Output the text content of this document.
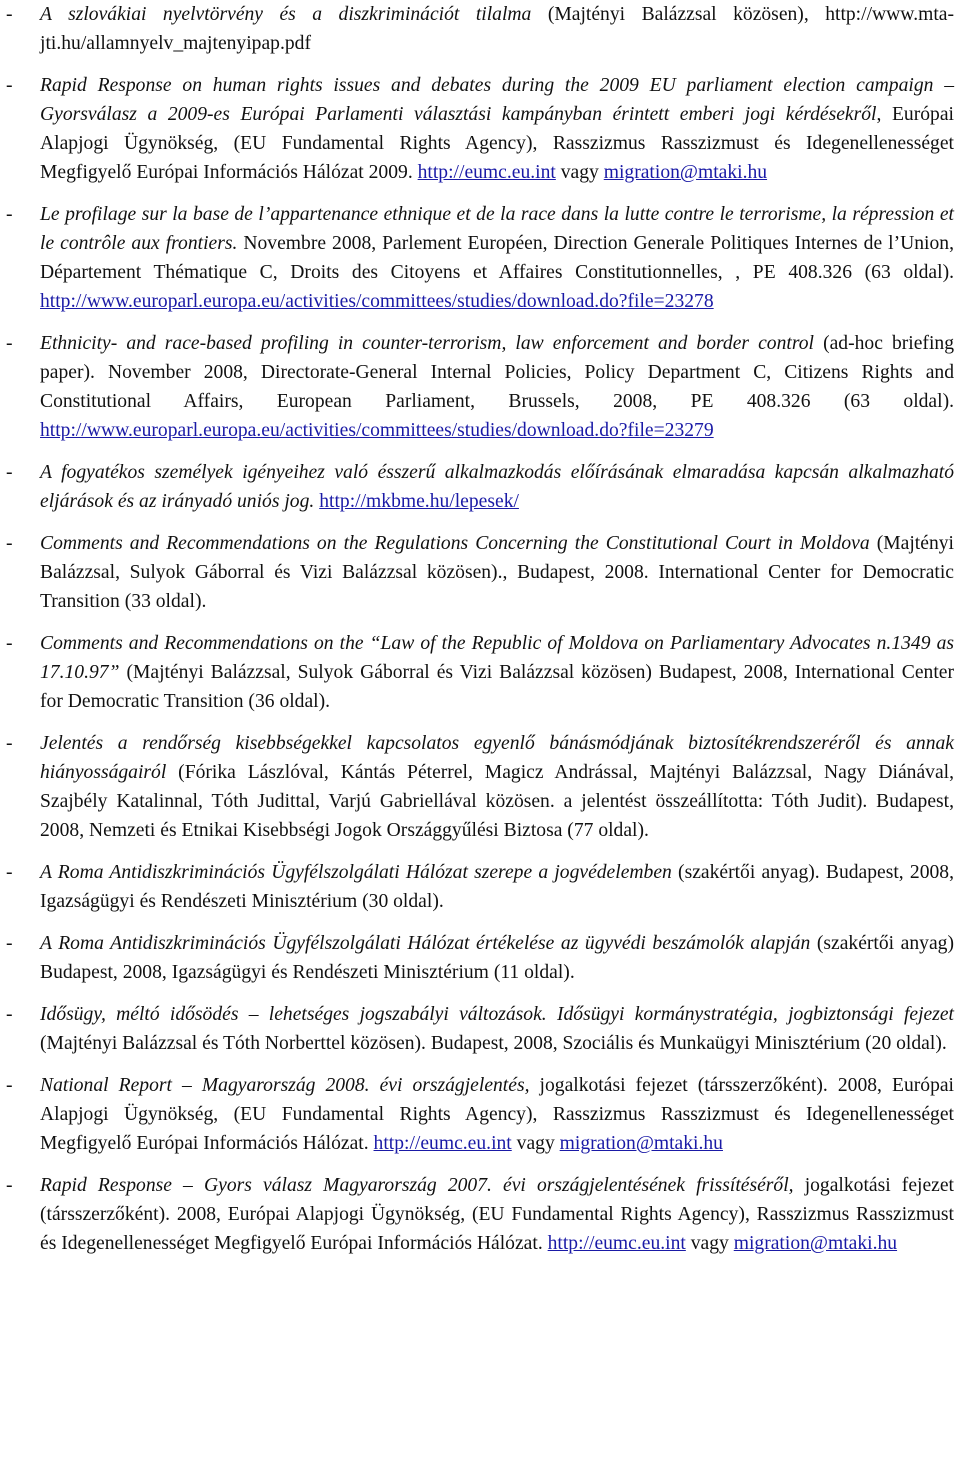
-	A szlovákiai nyelvtörvény és a diszkriminációt tilalma (Majtényi Balázzsal közösen), http://www.mta-jti.hu/allamnyelv_majtenyipap.pdf
-	Rapid Response on human rights issues and debates during the 2009 EU parliament election campaign – Gyorsválasz a 2009-es Európai Parlamenti választási kampányban érintett emberi jogi kérdésekről, Európai Alapjogi Ügynökség, (EU Fundamental Rights Agency), Rasszizmus Rasszizmust és Idegenellenességet Megfigyelő Európai Információs Hálózat 2009. http://eumc.eu.int vagy migration@mtaki.hu
-	Le profilage sur la base de l’appartenance ethnique et de la race dans la lutte contre le terrorisme, la répression et le contrôle aux frontiers. Novembre 2008, Parlement Européen, Direction Generale Politiques Internes de l’Union, Département Thématique C, Droits des Citoyens et Affaires Constitutionnelles, , PE 408.326 (63 oldal). http://www.europarl.europa.eu/activities/committees/studies/download.do?file=23278
-	Ethnicity- and race-based profiling in counter-terrorism, law enforcement and border control (ad-hoc briefing paper). November 2008, Directorate-General Internal Policies, Policy Department C, Citizens Rights and Constitutional Affairs, European Parliament, Brussels, 2008, PE 408.326 (63 oldal). http://www.europarl.europa.eu/activities/committees/studies/download.do?file=23279
-	A fogyatékos személyek igényeihez való ésszerű alkalmazkodás előírásának elmaradása kapcsán alkalmazható eljárások és az irányadó uniós jog. http://mkbme.hu/lepesek/
-	Comments and Recommendations on the Regulations Concerning the Constitutional Court in Moldova (Majtényi Balázzsal, Sulyok Gáborral és Vizi Balázzsal közösen)., Budapest, 2008. International Center for Democratic Transition (33 oldal).
-	Comments and Recommendations on the “Law of the Republic of Moldova on Parliamentary Advocates n.1349 as 17.10.97” (Majtényi Balázzsal, Sulyok Gáborral és Vizi Balázzsal közösen) Budapest, 2008, International Center for Democratic Transition (36 oldal).
-	Jelentés a rendőrség kisebbségekkel kapcsolatos egyenlő bánásmódjának biztosítékrendszeréről és annak hiányosságairól (Fórika Lászlóval, Kántás Péterrel, Magicz Andrással, Majtényi Balázzsal, Nagy Diánával, Szajbély Katalinnal, Tóth Judittal, Varjú Gabriellával közösen. a jelentést összeállította: Tóth Judit). Budapest, 2008, Nemzeti és Etnikai Kisebbségi Jogok Országgyűlési Biztosa (77 oldal).
-	A Roma Antidiszkriminációs Ügyfélszolgálati Hálózat szerepe a jogvédelemben (szakértői anyag). Budapest, 2008, Igazságügyi és Rendészeti Minisztérium (30 oldal).
-	A Roma Antidiszkriminációs Ügyfélszolgálati Hálózat értékelése az ügyvédi beszámolók alapján (szakértői anyag) Budapest, 2008, Igazságügyi és Rendészeti Minisztérium (11 oldal).
-	Idősügy, méltó idősödés – lehetséges jogszabályi változások. Idősügyi kormánystratégia, jogbiztonsági fejezet (Majtényi Balázzsal és Tóth Norberttel közösen). Budapest, 2008, Szociális és Munkaügyi Minisztérium (20 oldal).
-	National Report – Magyarország 2008. évi országjelentés, jogalkotási fejezet (társszerzőként). 2008, Európai Alapjogi Ügynökség, (EU Fundamental Rights Agency), Rasszizmus Rasszizmust és Idegenellenességet Megfigyelő Európai Információs Hálózat. http://eumc.eu.int vagy migration@mtaki.hu
-	Rapid Response – Gyors válasz Magyarország 2007. évi országjelentésének frissítéséről, jogalkotási fejezet (társszerzőként). 2008, Európai Alapjogi Ügynökség, (EU Fundamental Rights Agency), Rasszizmus Rasszizmust és Idegenellenességet Megfigyelő Európai Információs Hálózat. http://eumc.eu.int vagy migration@mtaki.hu
